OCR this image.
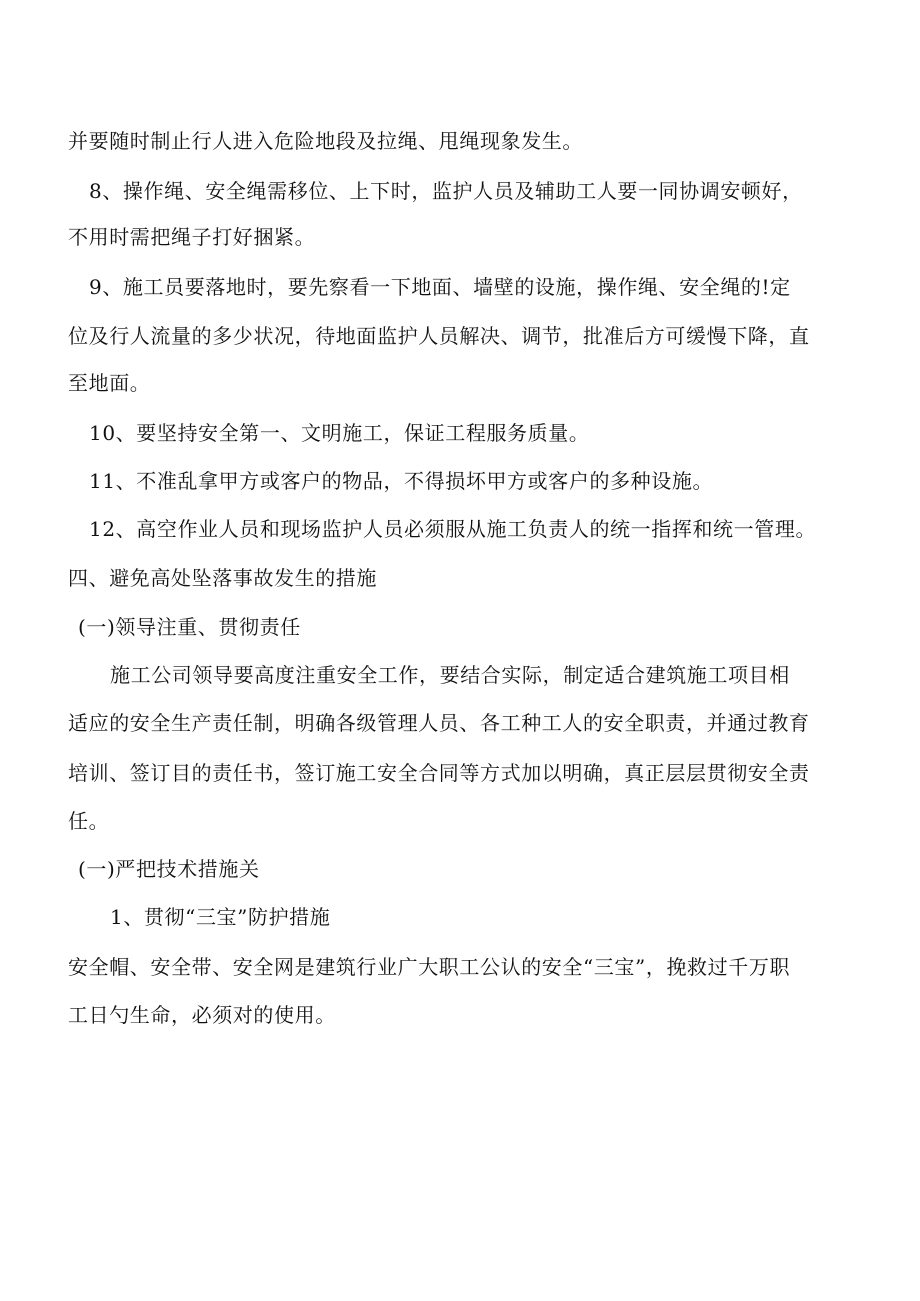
并要随时制止行人进入危险地段及拉绳、甩绳现象发生。
8、操作绳、安全绳需移位、上下时，监护人员及辅助工人要一同协调安顿好，
不用时需把绳子打好捆紧。
9、施工员要落地时，要先察看一下地面、墙壁的设施，操作绳、安全绳的!定
位及行人流量的多少状况，待地面监护人员解决、调节，批准后方可缓慢下降，直
至地面。
10、要坚持安全第一、文明施工，保证工程服务质量。
11、不准乱拿甲方或客户的物品，不得损坏甲方或客户的多种设施。
12、高空作业人员和现场监护人员必须服从施工负责人的统一指挥和统一管理。
四、避免高处坠落事故发生的措施
(一)领导注重、贯彻责任
施工公司领导要高度注重安全工作，要结合实际，制定适合建筑施工项目相
适应的安全生产责任制，明确各级管理人员、各工种工人的安全职责，并通过教育
培训、签订目的责任书，签订施工安全合同等方式加以明确，真正层层贯彻安全责
任。
(一)严把技术措施关
1、贯彻“三宝”防护措施
安全帽、安全带、安全网是建筑行业广大职工公认的安全“三宝”，挽救过千万职
工日勺生命，必须对的使用。
